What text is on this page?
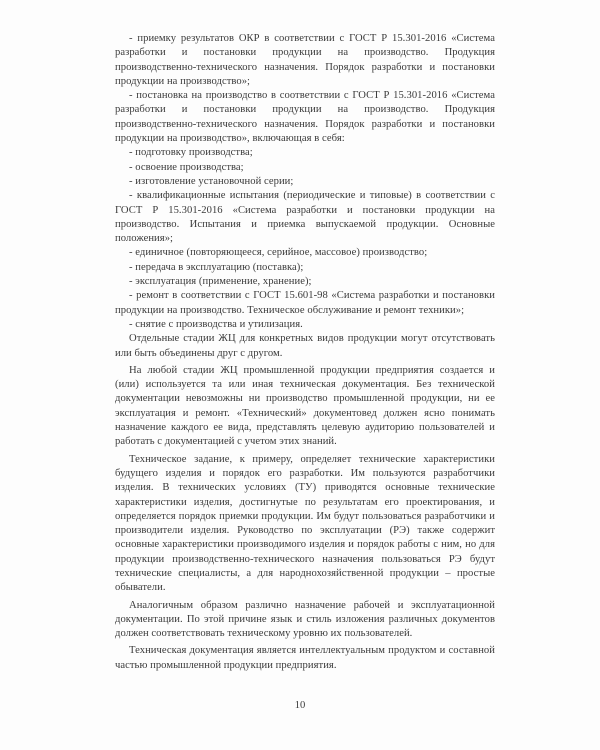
- приемку результатов ОКР в соответствии с ГОСТ Р 15.301-2016 «Система разработки и постановки продукции на производство. Продукция производственно-технического назначения. Порядок разработки и постановки продукции на производство»;

- постановка на производство в соответствии с ГОСТ Р 15.301-2016 «Система разработки и постановки продукции на производство. Продукция производственно-технического назначения. Порядок разработки и постановки продукции на производство», включающая в себя:

- подготовку производства;

- освоение производства;

- изготовление установочной серии;

- квалификационные испытания (периодические и типовые) в соответствии с ГОСТ Р 15.301-2016 «Система разработки и постановки продукции на производство. Испытания и приемка выпускаемой продукции. Основные положения»;

- единичное (повторяющееся, серийное, массовое) производство;

- передача в эксплуатацию (поставка);

- эксплуатация (применение, хранение);

- ремонт в соответствии с ГОСТ 15.601-98 «Система разработки и постановки продукции на производство. Техническое обслуживание и ремонт техники»;

- снятие с производства и утилизация.

Отдельные стадии ЖЦ для конкретных видов продукции могут отсутствовать или быть объединены друг с другом.

На любой стадии ЖЦ промышленной продукции предприятия создается и (или) используется та или иная техническая документация. Без технической документации невозможны ни производство промышленной продукции, ни ее эксплуатация и ремонт. «Технический» документовед должен ясно понимать назначение каждого ее вида, представлять целевую аудиторию пользователей и работать с документацией с учетом этих знаний.

Техническое задание, к примеру, определяет технические характеристики будущего изделия и порядок его разработки. Им пользуются разработчики изделия. В технических условиях (ТУ) приводятся основные технические характеристики изделия, достигнутые по результатам его проектирования, и определяется порядок приемки продукции. Им будут пользоваться разработчики и производители изделия. Руководство по эксплуатации (РЭ) также содержит основные характеристики производимого изделия и порядок работы с ним, но для продукции производственно-технического назначения пользоваться РЭ будут технические специалисты, а для народнохозяйственной продукции – простые обыватели.

Аналогичным образом различно назначение рабочей и эксплуатационной документации. По этой причине язык и стиль изложения различных документов должен соответствовать техническому уровню их пользователей.

Техническая документация является интеллектуальным продуктом и составной частью промышленной продукции предприятия.

10
